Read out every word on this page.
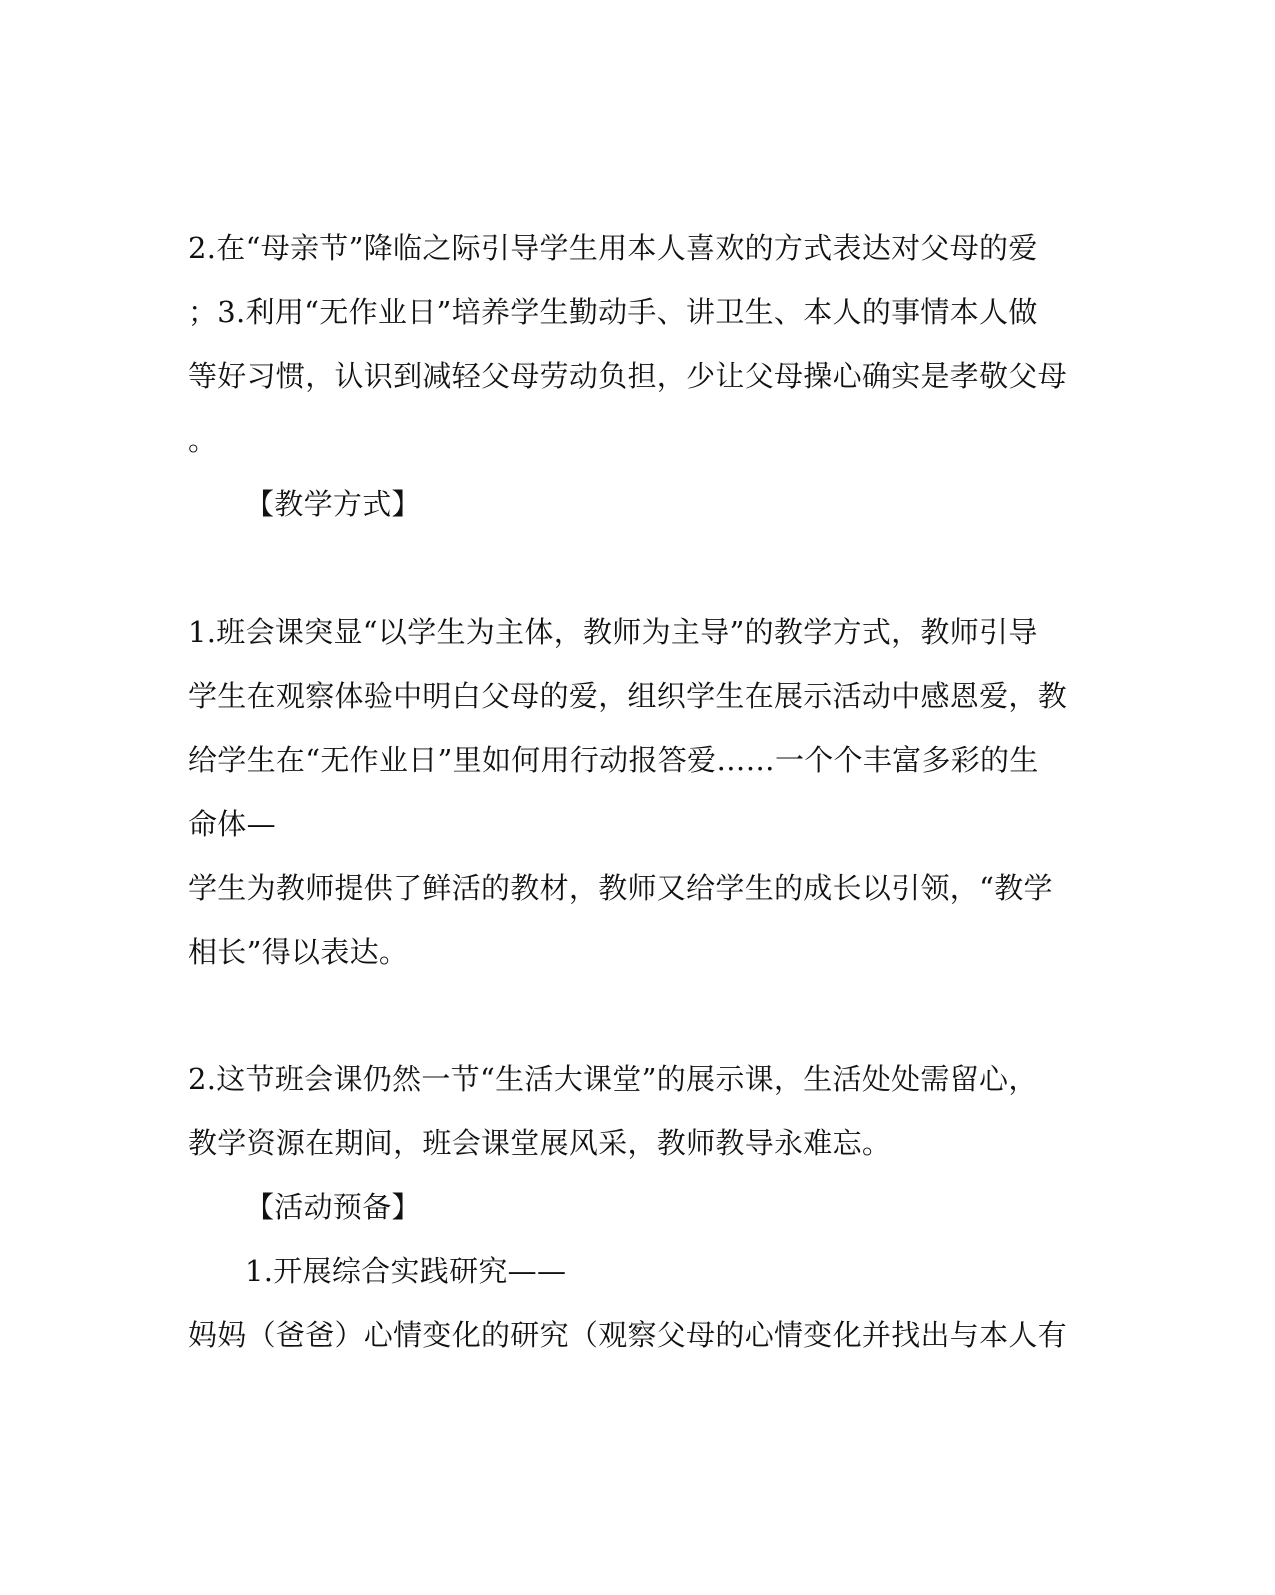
2.在“母亲节”降临之际引导学生用本人喜欢的方式表达对父母的爱
；3.利用“无作业日”培养学生勤动手、讲卫生、本人的事情本人做
等好习惯，认识到减轻父母劳动负担，少让父母操心确实是孝敬父母
。
【教学方式】
1.班会课突显“以学生为主体，教师为主导”的教学方式，教师引导
学生在观察体验中明白父母的爱，组织学生在展示活动中感恩爱，教
给学生在“无作业日”里如何用行动报答爱……一个个丰富多彩的生
命体—
学生为教师提供了鲜活的教材，教师又给学生的成长以引领，“教学
相长”得以表达。
2.这节班会课仍然一节“生活大课堂”的展示课，生活处处需留心，
教学资源在期间，班会课堂展风采，教师教导永难忘。
【活动预备】
1.开展综合实践研究——
妈妈（爸爸）心情变化的研究（观察父母的心情变化并找出与本人有
